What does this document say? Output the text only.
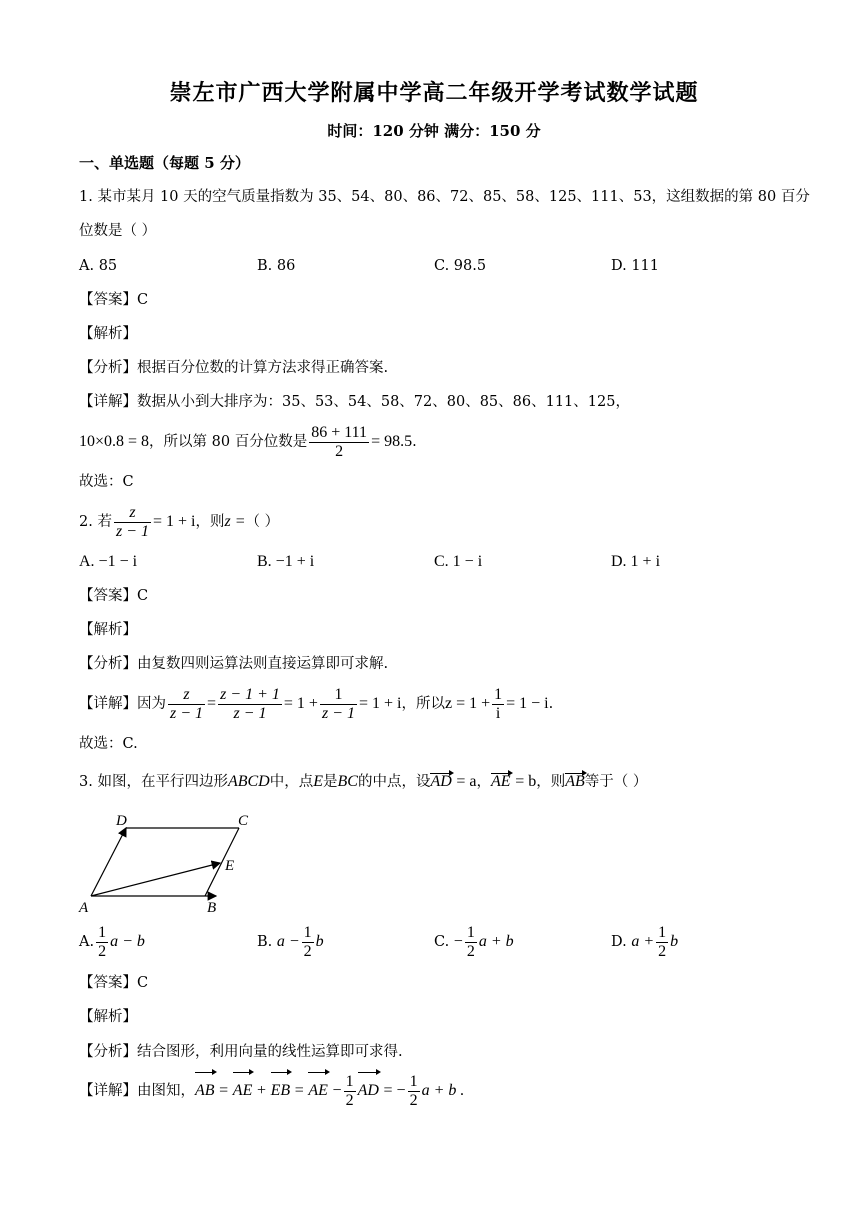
崇左市广西大学附属中学高二年级开学考试数学试题
时间：120 分钟 满分：150 分
一、单选题（每题 5 分）
1. 某市某月 10 天的空气质量指数为 35、54、80、86、72、85、58、125、111、53，这组数据的第 80 百分
位数是（ ）
A. 85	B. 86	C. 98.5	D. 111
【答案】C
【解析】
【分析】根据百分位数的计算方法求得正确答案.
【详解】数据从小到大排序为：35、53、54、58、72、80、85、86、111、125，
10×0.8 = 8，所以第 80 百分位数是 $\frac{86 + 111}{2} = 98.5$.
故选：C
2. 若 $\frac{z}{z - 1} = 1 + i$，则z =（ ）
A. −1 − i	B. −1 + i	C. 1 − i	D. 1 + i
【答案】C
【解析】
【分析】由复数四则运算法则直接运算即可求解.
【详解】因为 $\frac{z}{z - 1} = \frac{z - 1 + 1}{z - 1} = 1 + \frac{1}{z - 1} = 1 + i$，所以$z = 1 + \frac{1}{i} = 1 - i$.
故选：C.
3. 如图，在平行四边形ABCD中，点E是BC的中点，设AD = a，AE = b，则AB等于（ ）
D	C
E
A	B
A. $\frac{1}{2}$ a − b	B. $a - \frac{1}{2}$ b	C. − $\frac{1}{2}$ a + b	D. $a + \frac{1}{2}$ b
【答案】C
【解析】
【分析】结合图形，利用向量的线性运算即可求得.
【详解】由图知，AB = AE + EB = AE − $\frac{1}{2}$ AD = − $\frac{1}{2}$ a + b .
